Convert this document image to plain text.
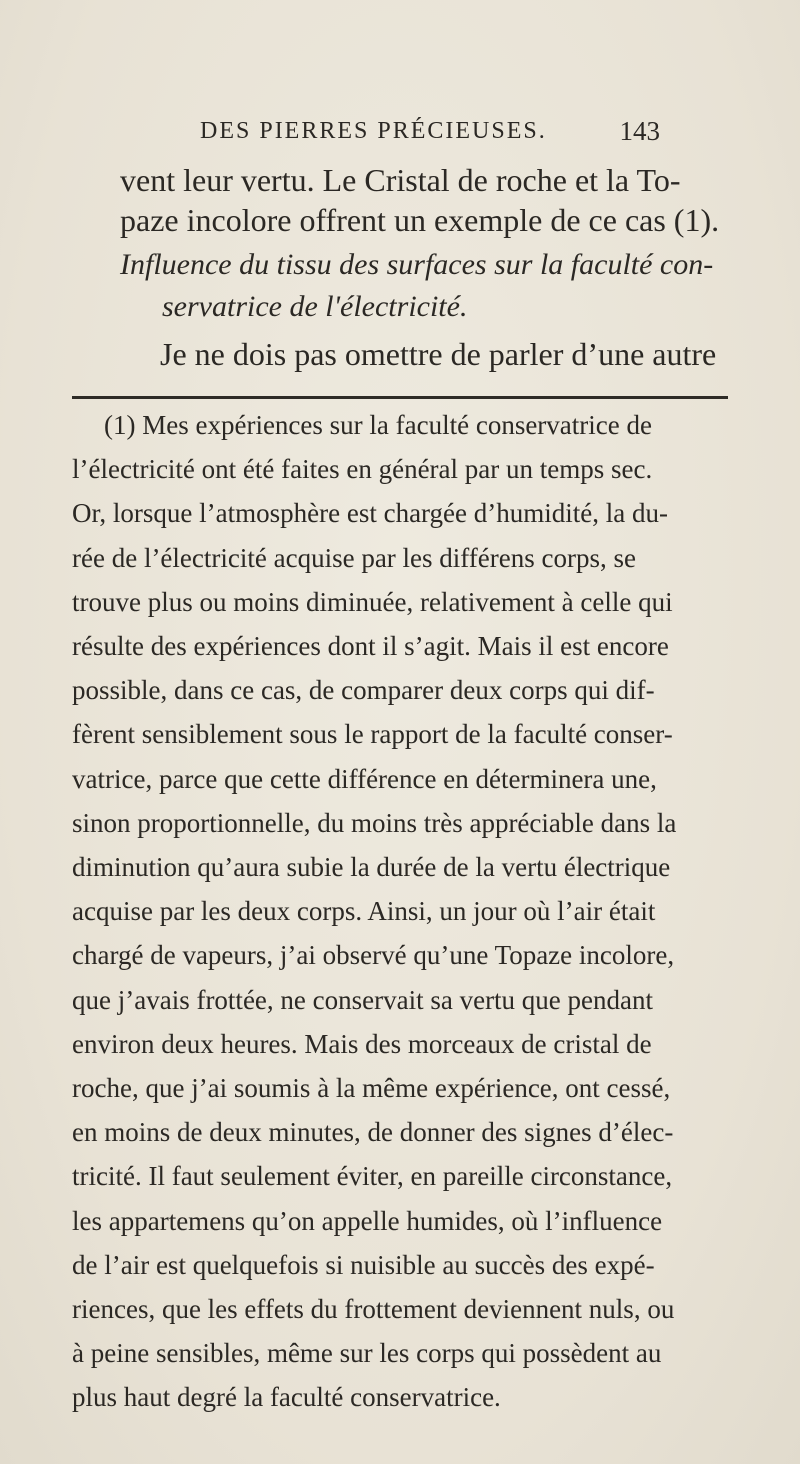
DES PIERRES PRÉCIEUSES.	143
vent leur vertu. Le Cristal de roche et la To-
paze incolore offrent un exemple de ce cas (1).
Influence du tissu des surfaces sur la faculté con-
servatrice de l'électricité.
Je ne dois pas omettre de parler d’une autre
(1) Mes expériences sur la faculté conservatrice de
l’électricité ont été faites en général par un temps sec.
Or, lorsque l’atmosphère est chargée d’humidité, la du-
rée de l’électricité acquise par les différens corps, se
trouve plus ou moins diminuée, relativement à celle qui
résulte des expériences dont il s’agit. Mais il est encore
possible, dans ce cas, de comparer deux corps qui dif-
fèrent sensiblement sous le rapport de la faculté conser-
vatrice, parce que cette différence en déterminera une,
sinon proportionnelle, du moins très appréciable dans la
diminution qu’aura subie la durée de la vertu électrique
acquise par les deux corps. Ainsi, un jour où l’air était
chargé de vapeurs, j’ai observé qu’une Topaze incolore,
que j’avais frottée, ne conservait sa vertu que pendant
environ deux heures. Mais des morceaux de cristal de
roche, que j’ai soumis à la même expérience, ont cessé,
en moins de deux minutes, de donner des signes d’élec-
tricité. Il faut seulement éviter, en pareille circonstance,
les appartemens qu’on appelle humides, où l’influence
de l’air est quelquefois si nuisible au succès des expé-
riences, que les effets du frottement deviennent nuls, ou
à peine sensibles, même sur les corps qui possèdent au
plus haut degré la faculté conservatrice.
